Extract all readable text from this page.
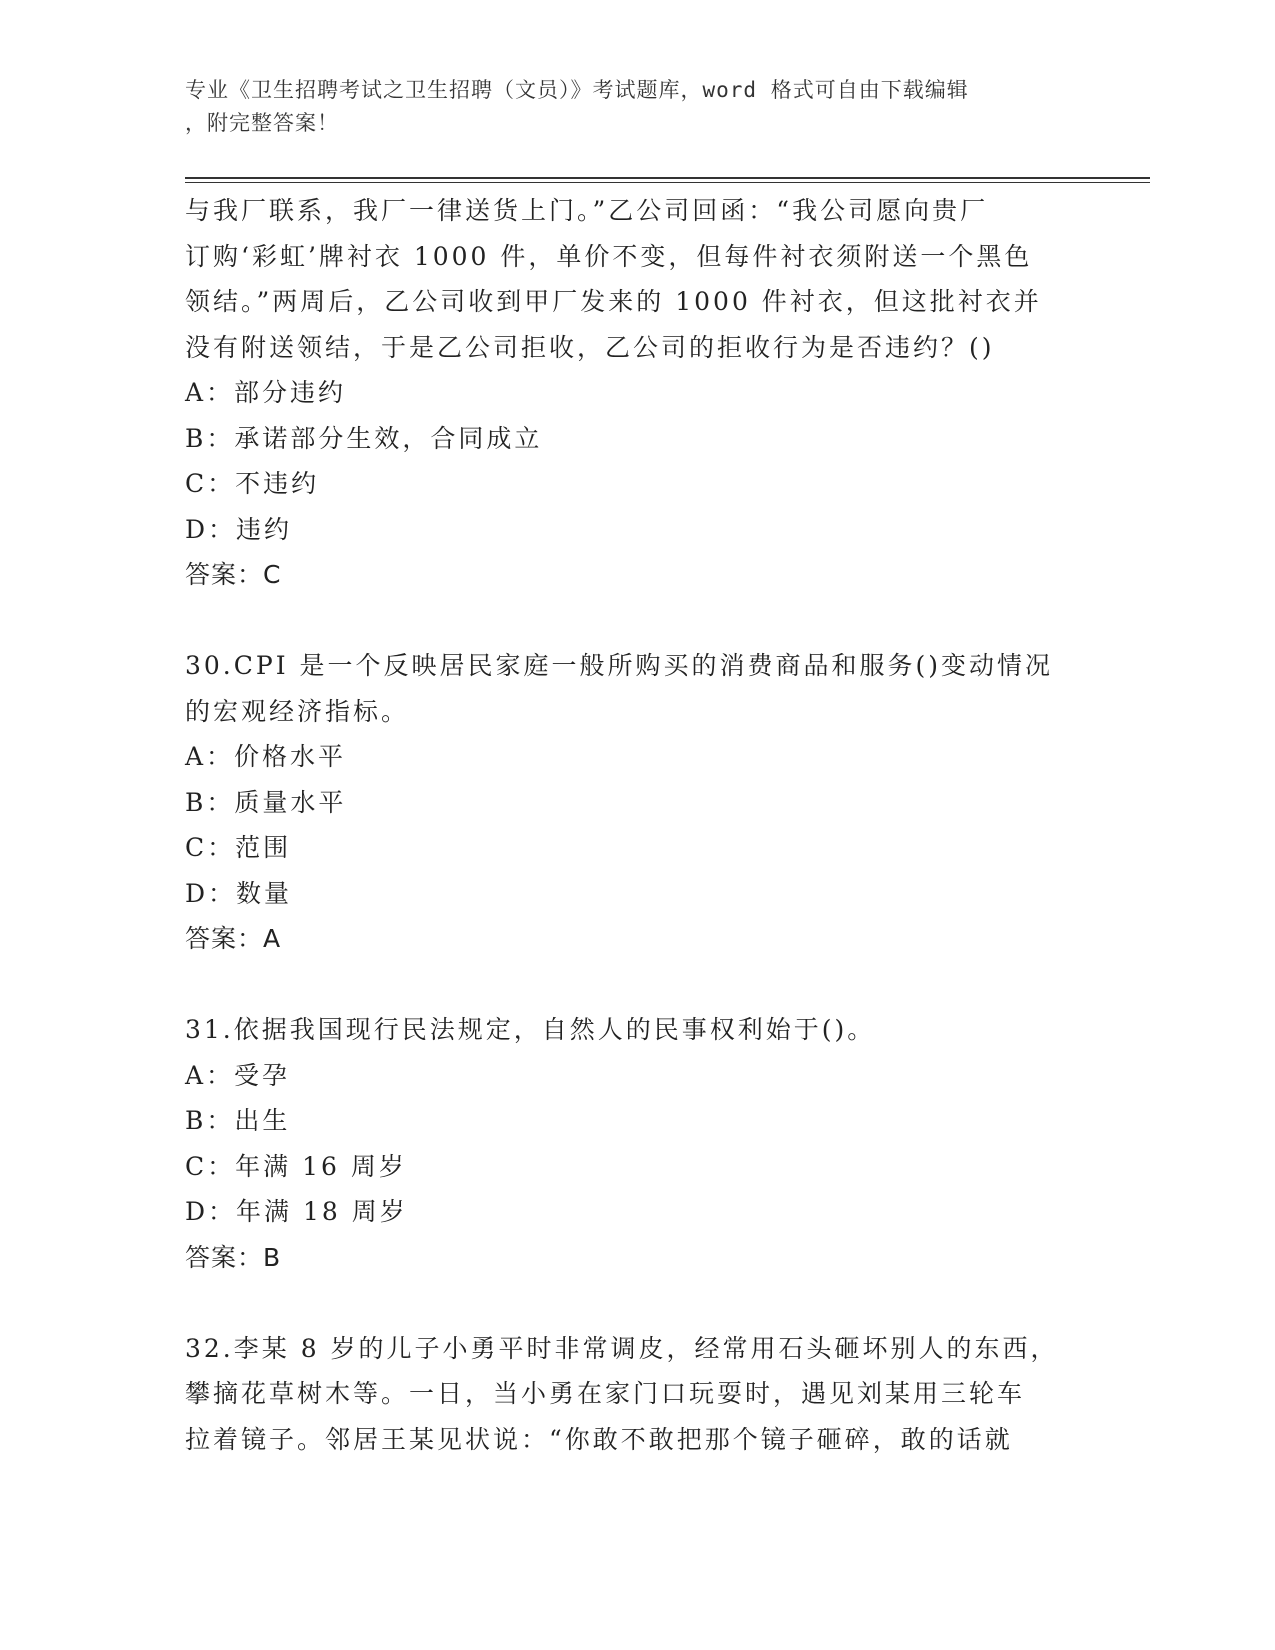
专业《卫生招聘考试之卫生招聘（文员）》考试题库，word 格式可自由下载编辑
，附完整答案！
与我厂联系，我厂一律送货上门。”乙公司回函：“我公司愿向贵厂
订购‘彩虹’牌衬衣 1000 件，单价不变，但每件衬衣须附送一个黑色
领结。”两周后，乙公司收到甲厂发来的 1000 件衬衣，但这批衬衣并
没有附送领结，于是乙公司拒收，乙公司的拒收行为是否违约？()
A：部分违约
B：承诺部分生效，合同成立
C：不违约
D：违约
答案：C
30.CPI 是一个反映居民家庭一般所购买的消费商品和服务()变动情况
的宏观经济指标。
A：价格水平
B：质量水平
C：范围
D：数量
答案：A
31.依据我国现行民法规定，自然人的民事权利始于()。
A：受孕
B：出生
C：年满 16 周岁
D：年满 18 周岁
答案：B
32.李某 8 岁的儿子小勇平时非常调皮，经常用石头砸坏别人的东西，
攀摘花草树木等。一日，当小勇在家门口玩耍时，遇见刘某用三轮车
拉着镜子。邻居王某见状说：“你敢不敢把那个镜子砸碎，敢的话就
